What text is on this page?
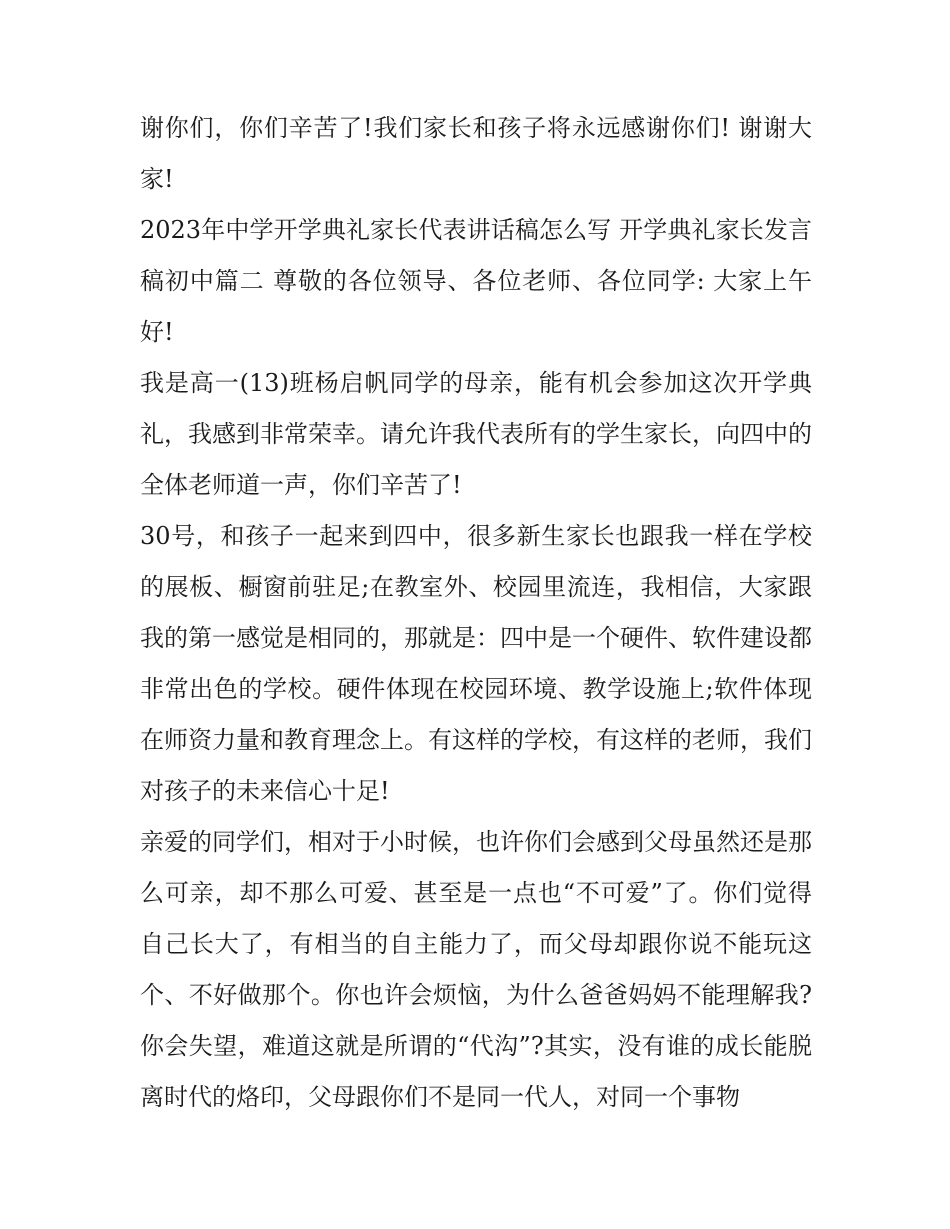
谢你们，你们辛苦了!我们家长和孩子将永远感谢你们! 谢谢大家!

2023年中学开学典礼家长代表讲话稿怎么写 开学典礼家长发言稿初中篇二 尊敬的各位领导、各位老师、各位同学: 大家上午好!

我是高一(13)班杨启帆同学的母亲，能有机会参加这次开学典礼，我感到非常荣幸。请允许我代表所有的学生家长，向四中的全体老师道一声，你们辛苦了!

30号，和孩子一起来到四中，很多新生家长也跟我一样在学校的展板、橱窗前驻足;在教室外、校园里流连，我相信，大家跟我的第一感觉是相同的，那就是：四中是一个硬件、软件建设都非常出色的学校。硬件体现在校园环境、教学设施上;软件体现在师资力量和教育理念上。有这样的学校，有这样的老师，我们对孩子的未来信心十足!

亲爱的同学们，相对于小时候，也许你们会感到父母虽然还是那么可亲，却不那么可爱、甚至是一点也“不可爱”了。你们觉得自己长大了，有相当的自主能力了，而父母却跟你说不能玩这个、不好做那个。你也许会烦恼，为什么爸爸妈妈不能理解我?你会失望，难道这就是所谓的“代沟”?其实，没有谁的成长能脱离时代的烙印，父母跟你们不是同一代人，对同一个事物
